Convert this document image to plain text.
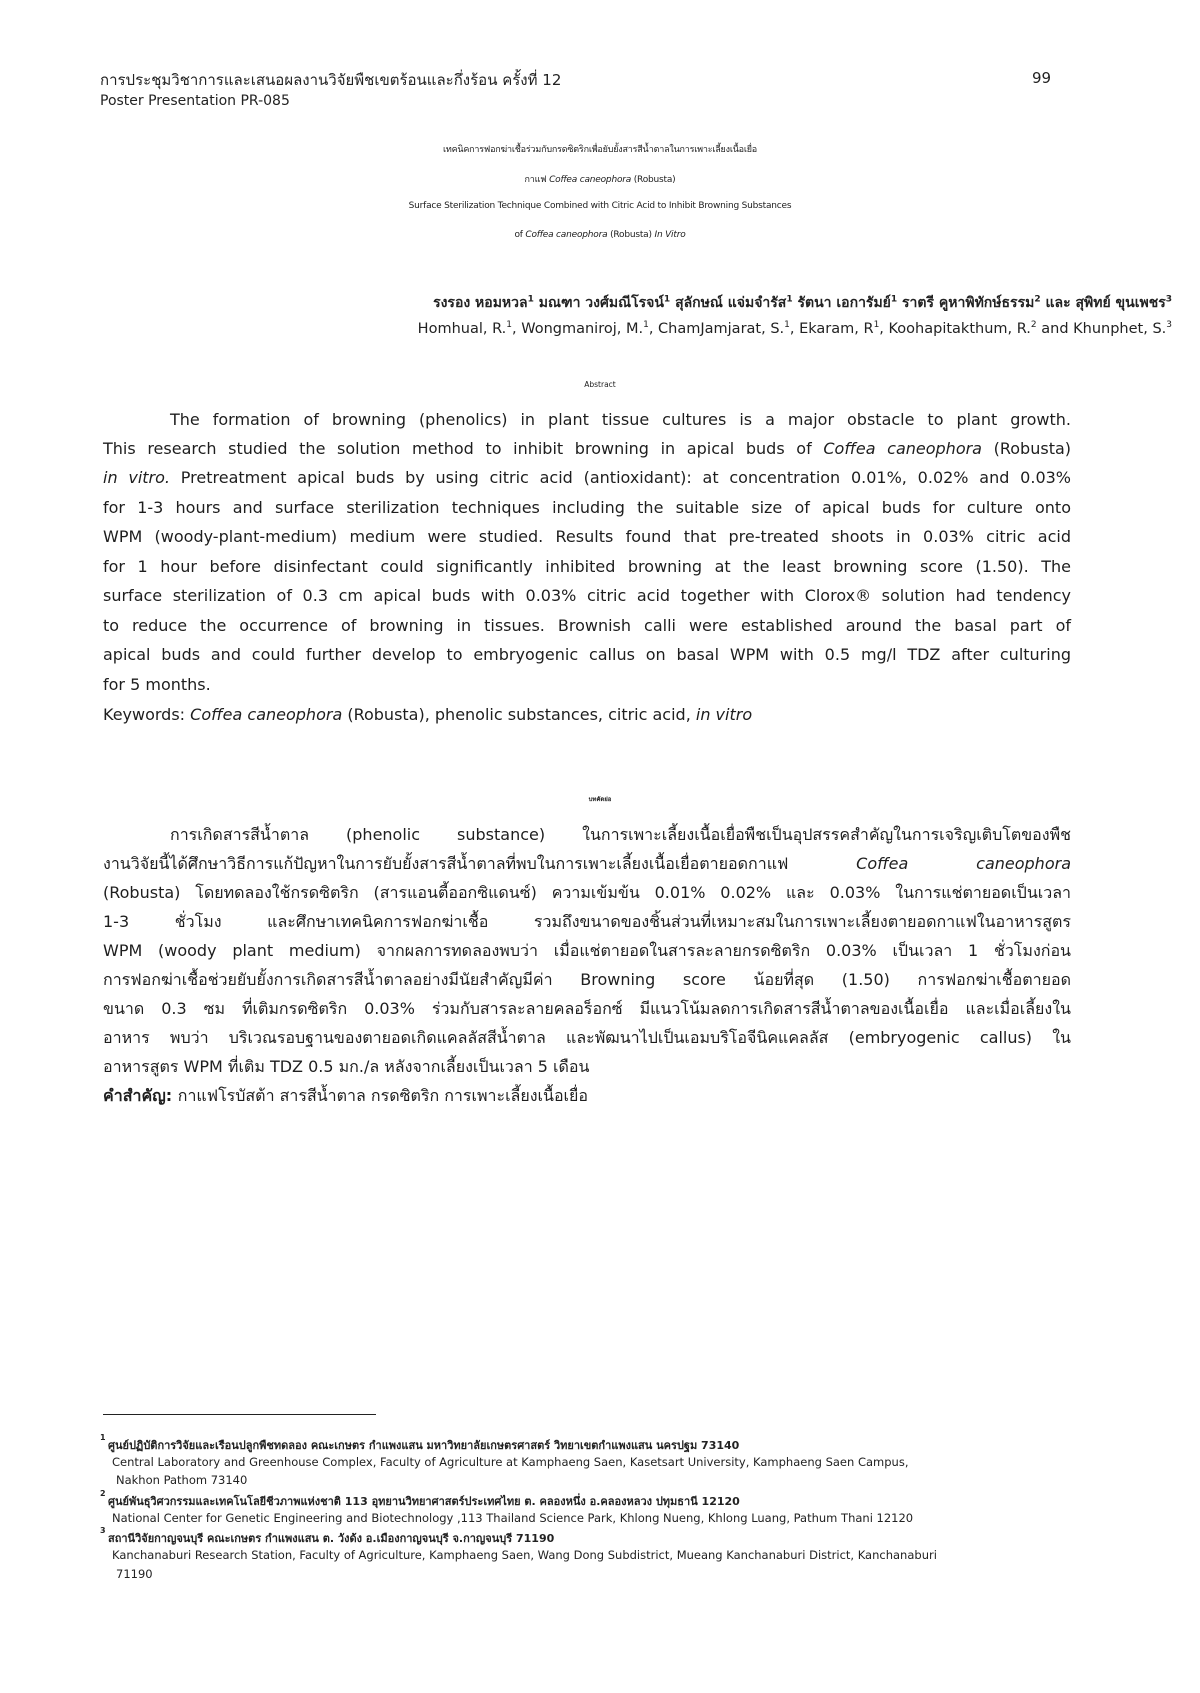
การประชุมวิชาการและเสนอผลงานวิจัยพืชเขตร้อนและกึ่งร้อน ครั้งที่ 12
Poster Presentation PR-085
99
เทคนิคการฟอกฆ่าเชื้อร่วมกับกรดซิตริกเพื่อยับยั้งสารสีน้ำตาลในการเพาะเลี้ยงเนื้อเยื่อ
กาแฟ Coffea caneophora (Robusta)
Surface Sterilization Technique Combined with Citric Acid to Inhibit Browning Substances
of Coffea caneophora (Robusta) In Vitro
รงรอง หอมหวล$^1$ มณฑา วงศ์มณีโรจน์$^1$ สุลักษณ์ แจ่มจำรัส$^1$ รัตนา เอการัมย์$^1$ ราตรี คูหาพิทักษ์ธรรม$^2$ และ สุพิทย์ ขุนเพชร$^3$
Homhual, R.$^1$, Wongmaniroj, M.$^1$, ChamJamjarat, S.$^1$, Ekaram, $R^1$, Koohapitakthum, R.$^2$ and Khunphet, S.$^3$
Abstract
The formation of browning (phenolics) in plant tissue cultures is a major obstacle to plant growth.
This research studied the solution method to inhibit browning in apical buds of Coffea caneophora (Robusta)
in vitro. Pretreatment apical buds by using citric acid (antioxidant): at concentration 0.01%, 0.02% and 0.03%
for 1-3 hours and surface sterilization techniques including the suitable size of apical buds for culture onto
WPM (woody-plant-medium) medium were studied. Results found that pre-treated shoots in 0.03% citric acid
for 1 hour before disinfectant could significantly inhibited browning at the least browning score (1.50). The
surface sterilization of 0.3 cm apical buds with 0.03% citric acid together with Clorox® solution had tendency
to reduce the occurrence of browning in tissues. Brownish calli were established around the basal part of
apical buds and could further develop to embryogenic callus on basal WPM with 0.5 mg/l TDZ after culturing
for 5 months.
Keywords: Coffea caneophora (Robusta), phenolic substances, citric acid, in vitro
บทคัดย่อ
การเกิดสารสีน้ำตาล (phenolic substance) ในการเพาะเลี้ยงเนื้อเยื่อพืชเป็นอุปสรรคสำคัญในการเจริญเติบโตของพืช
งานวิจัยนี้ได้ศึกษาวิธีการแก้ปัญหาในการยับยั้งสารสีน้ำตาลที่พบในการเพาะเลี้ยงเนื้อเยื่อตายอดกาแฟ Coffea caneophora
(Robusta) โดยทดลองใช้กรดซิตริก (สารแอนตี้ออกซิแดนซ์) ความเข้มข้น 0.01% 0.02% และ 0.03% ในการแช่ตายอดเป็นเวลา
1-3 ชั่วโมง และศึกษาเทคนิคการฟอกฆ่าเชื้อ รวมถึงขนาดของชิ้นส่วนที่เหมาะสมในการเพาะเลี้ยงตายอดกาแฟในอาหารสูตร
WPM (woody plant medium) จากผลการทดลองพบว่า เมื่อแช่ตายอดในสารละลายกรดซิตริก 0.03% เป็นเวลา 1 ชั่วโมงก่อน
การฟอกฆ่าเชื้อช่วยยับยั้งการเกิดสารสีน้ำตาลอย่างมีนัยสำคัญมีค่า Browning score น้อยที่สุด (1.50) การฟอกฆ่าเชื้อตายอด
ขนาด 0.3 ซม ที่เติมกรดซิตริก 0.03% ร่วมกับสารละลายคลอร็อกซ์ มีแนวโน้มลดการเกิดสารสีน้ำตาลของเนื้อเยื่อ และเมื่อเลี้ยงใน
อาหาร พบว่า บริเวณรอบฐานของตายอดเกิดแคลลัสสีน้ำตาล และพัฒนาไปเป็นเอมบริโอจีนิคแคลลัส (embryogenic callus) ใน
อาหารสูตร WPM ที่เติม TDZ 0.5 มก./ล หลังจากเลี้ยงเป็นเวลา 5 เดือน
คำสำคัญ: กาแฟโรบัสต้า สารสีน้ำตาล กรดซิตริก การเพาะเลี้ยงเนื้อเยื่อ
1
ศูนย์ปฏิบัติการวิจัยและเรือนปลูกพืชทดลอง คณะเกษตร กำแพงแสน มหาวิทยาลัยเกษตรศาสตร์ วิทยาเขตกำแพงแสน นครปฐม 73140
Central Laboratory and Greenhouse Complex, Faculty of Agriculture at Kamphaeng Saen, Kasetsart University, Kamphaeng Saen Campus,
Nakhon Pathom 73140
2
ศูนย์พันธุวิศวกรรมและเทคโนโลยีชีวภาพแห่งชาติ 113 อุทยานวิทยาศาสตร์ประเทศไทย ต. คลองหนึ่ง อ.คลองหลวง ปทุมธานี 12120
National Center for Genetic Engineering and Biotechnology ,113 Thailand Science Park, Khlong Nueng, Khlong Luang, Pathum Thani 12120
3
สถานีวิจัยกาญจนบุรี คณะเกษตร กำแพงแสน ต. วังด้ง อ.เมืองกาญจนบุรี จ.กาญจนบุรี 71190
Kanchanaburi Research Station, Faculty of Agriculture, Kamphaeng Saen, Wang Dong Subdistrict, Mueang Kanchanaburi District, Kanchanaburi
71190
